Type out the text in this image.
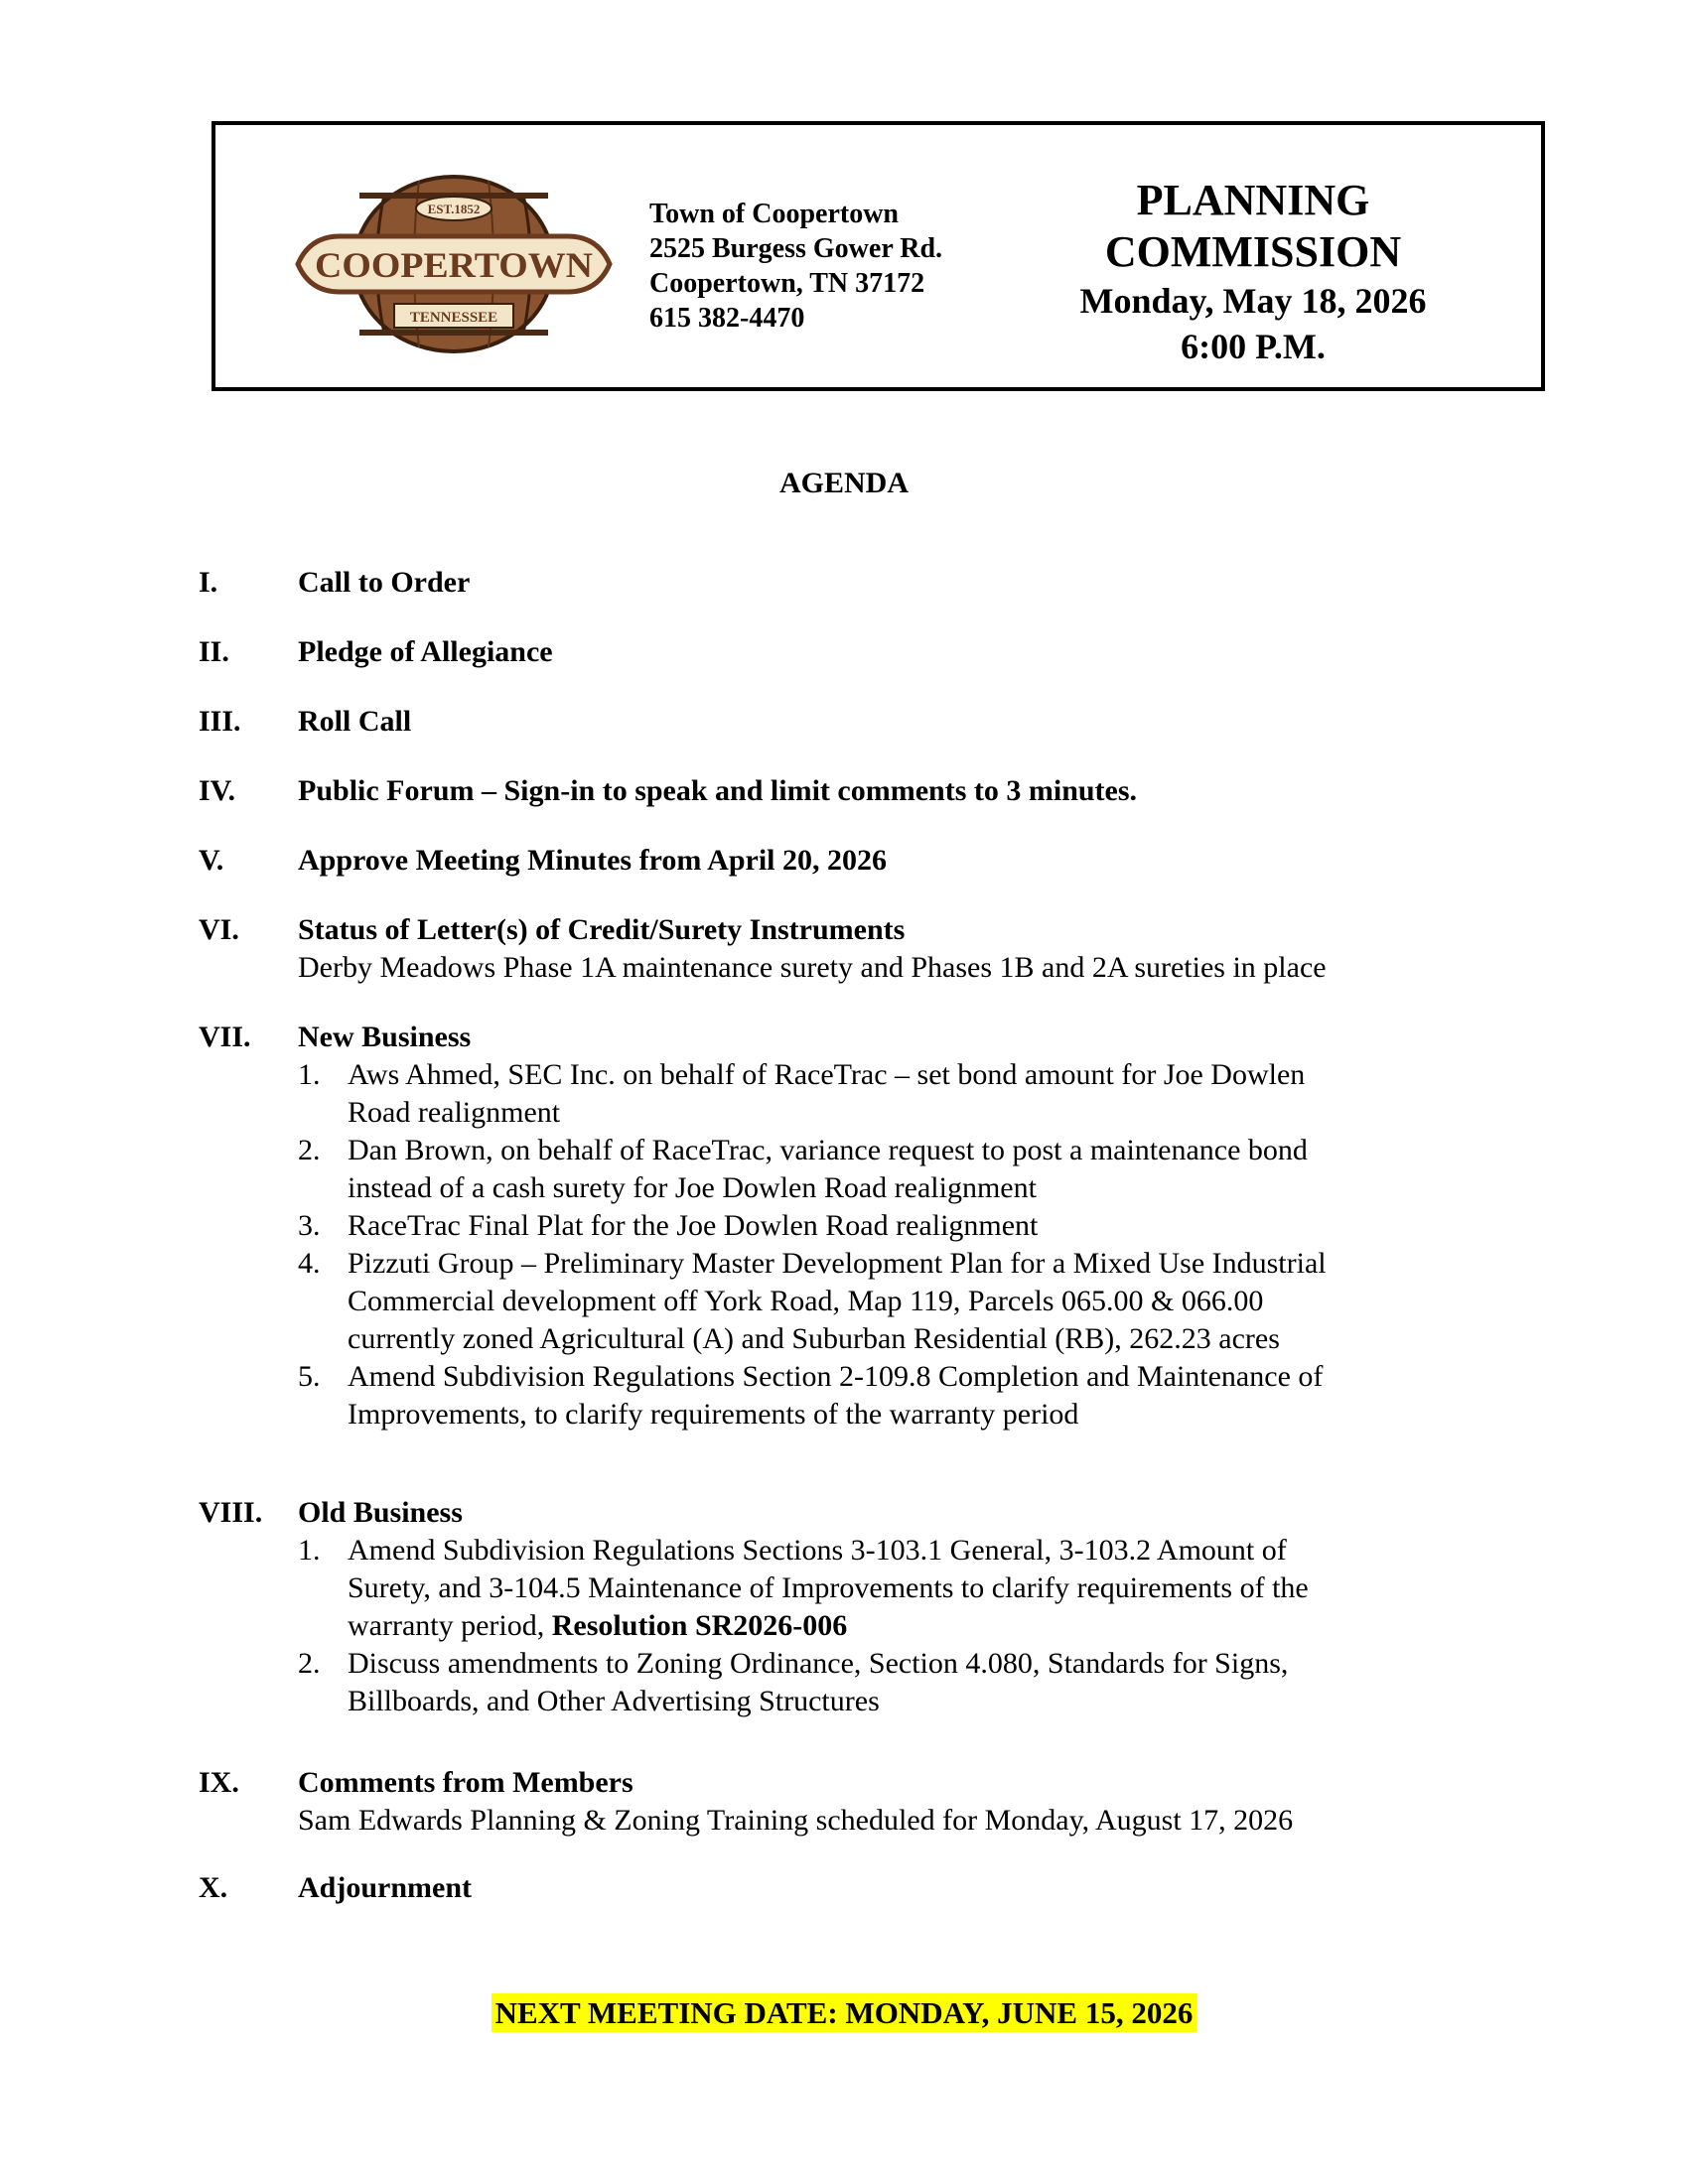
EST.1852
COOPERTOWN
TENNESSEE
Town of Coopertown
2525 Burgess Gower Rd.
Coopertown, TN 37172
615 382-4470
PLANNING
COMMISSION
Monday, May 18, 2026
6:00 P.M.
AGENDA
I.	Call to Order
II. Pledge of Allegiance
III. Roll Call
IV. Public Forum – Sign-in to speak and limit comments to 3 minutes.
V. Approve Meeting Minutes from April 20, 2026
VI. Status of Letter(s) of Credit/Surety Instruments
Derby Meadows Phase 1A maintenance surety and Phases 1B and 2A sureties in place
VII. New Business
1. Aws Ahmed, SEC Inc. on behalf of RaceTrac – set bond amount for Joe Dowlen
Road realignment
2. Dan Brown, on behalf of RaceTrac, variance request to post a maintenance bond
instead of a cash surety for Joe Dowlen Road realignment
3. RaceTrac Final Plat for the Joe Dowlen Road realignment
4. Pizzuti Group – Preliminary Master Development Plan for a Mixed Use Industrial
Commercial development off York Road, Map 119, Parcels 065.00 & 066.00
currently zoned Agricultural (A) and Suburban Residential (RB), 262.23 acres
5. Amend Subdivision Regulations Section 2-109.8 Completion and Maintenance of
Improvements, to clarify requirements of the warranty period
VIII. Old Business
1. Amend Subdivision Regulations Sections 3-103.1 General, 3-103.2 Amount of
Surety, and 3-104.5 Maintenance of Improvements to clarify requirements of the
warranty period, Resolution SR2026-006
2. Discuss amendments to Zoning Ordinance, Section 4.080, Standards for Signs,
Billboards, and Other Advertising Structures
IX. Comments from Members
Sam Edwards Planning & Zoning Training scheduled for Monday, August 17, 2026
X. Adjournment
NEXT MEETING DATE: MONDAY, JUNE 15, 2026
